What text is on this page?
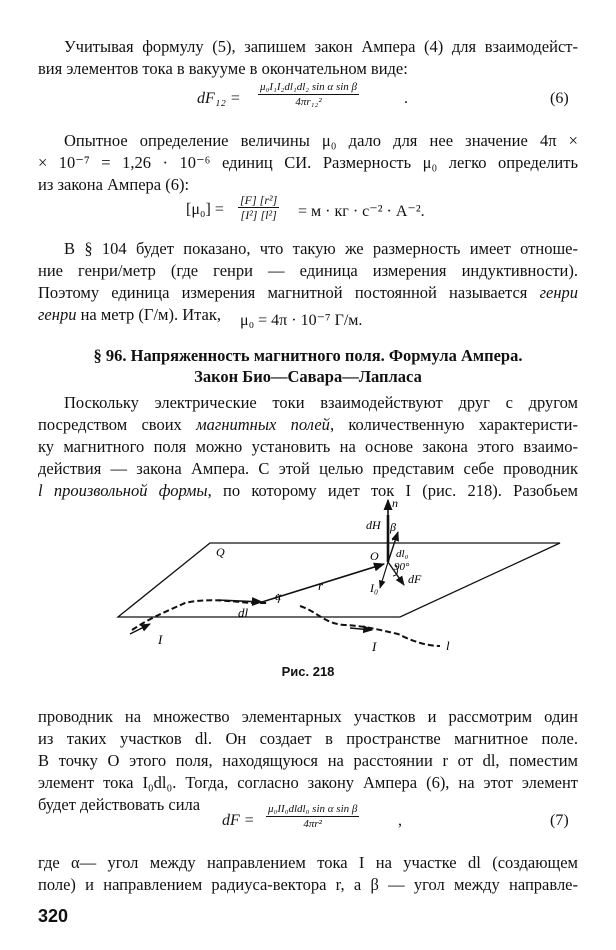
Учитывая формулу (5), запишем закон Ампера (4) для взаимодейст-
вия элементов тока в вакууме в окончательном виде:
$dF_{12} = \frac{\text{μ₀I₁I₂dl₁dl₂ sin α sin β}}{\text{4πr₁₂²}}$	.	(6)
Опытное определение величины μ₀ дало для нее значение 4π ×
× 10⁻⁷ = 1,26 · 10⁻⁶ единиц СИ. Размерность μ₀ легко определить
из закона Ампера (6):
$[\mu_0] = \frac{\text{[F] [r²]}}{\text{[I²] [l²]}} = м$ · кг · с⁻² · А⁻².
В § 104 будет показано, что такую же размерность имеет отноше-
ние генри/метр (где генри — единица измерения индуктивности).
Поэтому единица измерения магнитной постоянной называется генри
генри на метр (Г/м). Итак,	μ₀ = 4π · 10⁻⁷ Г/м.
§ 96. Напряженность магнитного поля. Формула Ампера.
Закон Био—Савара—Лапласа
Поскольку электрические токи взаимодействуют друг с другом
посредством своих магнитных полей, количественную характеристи-
ку магнитного поля можно установить на основе закона этого взаимо-
действия — закона Ампера. С этой целью представим себе проводник
l произвольной формы, по которому идет ток I (рис. 218). Разобьем
n
dH β
Q	O dl₀
90°
dF
I₀
r
α
dl
I	I	l
Рис. 218
проводник на множество элементарных участков и рассмотрим один
из таких участков dl. Он создает в пространстве магнитное поле.
В точку O этого поля, находящуюся на расстоянии r от dl, поместим
элемент тока I₀dl₀. Тогда, согласно закону Ампера (6), на этот элемент
будет действовать сила
dF =
μ₀II₀dldl₀ sin α sin β
4πr²	,	(7)
где α— угол между направлением тока I на участке dl (создающем
поле) и направлением радиуса-вектора r, а β — угол между направле-
320
